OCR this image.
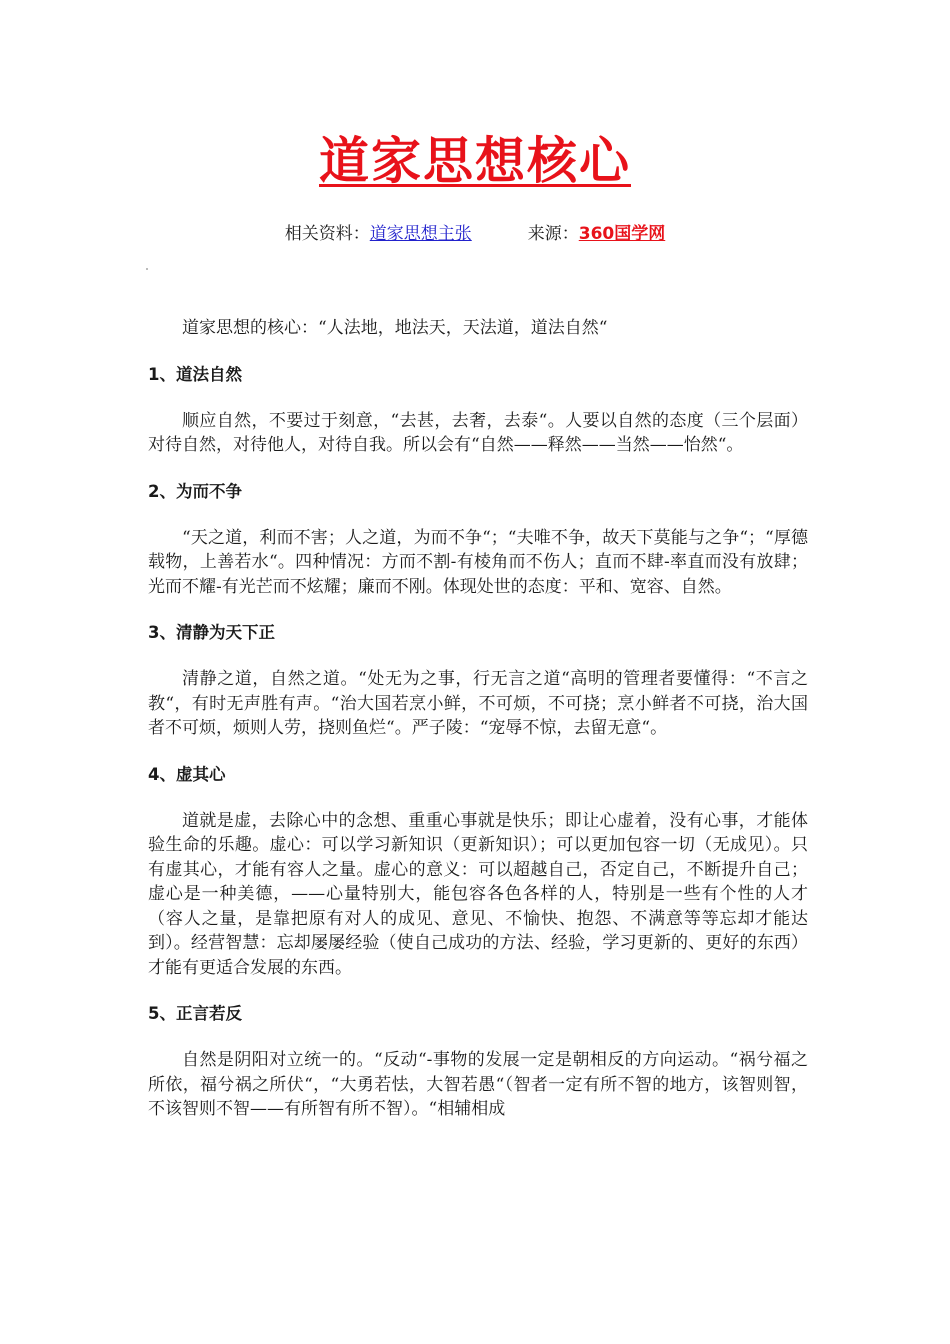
道家思想核心
相关资料：道家思想主张	来源：360国学网

道家思想的核心：“人法地，地法天，天法道，道法自然“

1、道法自然

顺应自然，不要过于刻意，“去甚，去奢，去泰“。人要以自然的态度（三个层面）对待自然，对待他人，对待自我。所以会有“自然——释然——当然——怡然“。

2、为而不争

“天之道，利而不害；人之道，为而不争“；“夫唯不争，故天下莫能与之争“；“厚德载物，上善若水“。四种情况：方而不割-有棱角而不伤人；直而不肆-率直而没有放肆；光而不耀-有光芒而不炫耀；廉而不刚。体现处世的态度：平和、宽容、自然。

3、清静为天下正

清静之道，自然之道。“处无为之事，行无言之道“高明的管理者要懂得：“不言之教“，有时无声胜有声。“治大国若烹小鲜，不可烦，不可挠；烹小鲜者不可挠，治大国者不可烦，烦则人劳，挠则鱼烂“。严子陵：“宠辱不惊，去留无意“。

4、虚其心

道就是虚，去除心中的念想、重重心事就是快乐；即让心虚着，没有心事，才能体验生命的乐趣。虚心：可以学习新知识（更新知识）；可以更加包容一切（无成见）。只有虚其心，才能有容人之量。虚心的意义：可以超越自己，否定自己，不断提升自己；虚心是一种美德，——心量特别大，能包容各色各样的人，特别是一些有个性的人才（容人之量，是靠把原有对人的成见、意见、不愉快、抱怨、不满意等等忘却才能达到）。经营智慧：忘却屡屡经验（使自己成功的方法、经验，学习更新的、更好的东西）才能有更适合发展的东西。

5、正言若反

自然是阴阳对立统一的。“反动“-事物的发展一定是朝相反的方向运动。“祸兮福之所依，福兮祸之所伏“，“大勇若怯，大智若愚“（智者一定有所不智的地方，该智则智，不该智则不智——有所智有所不智）。“相辅相成
